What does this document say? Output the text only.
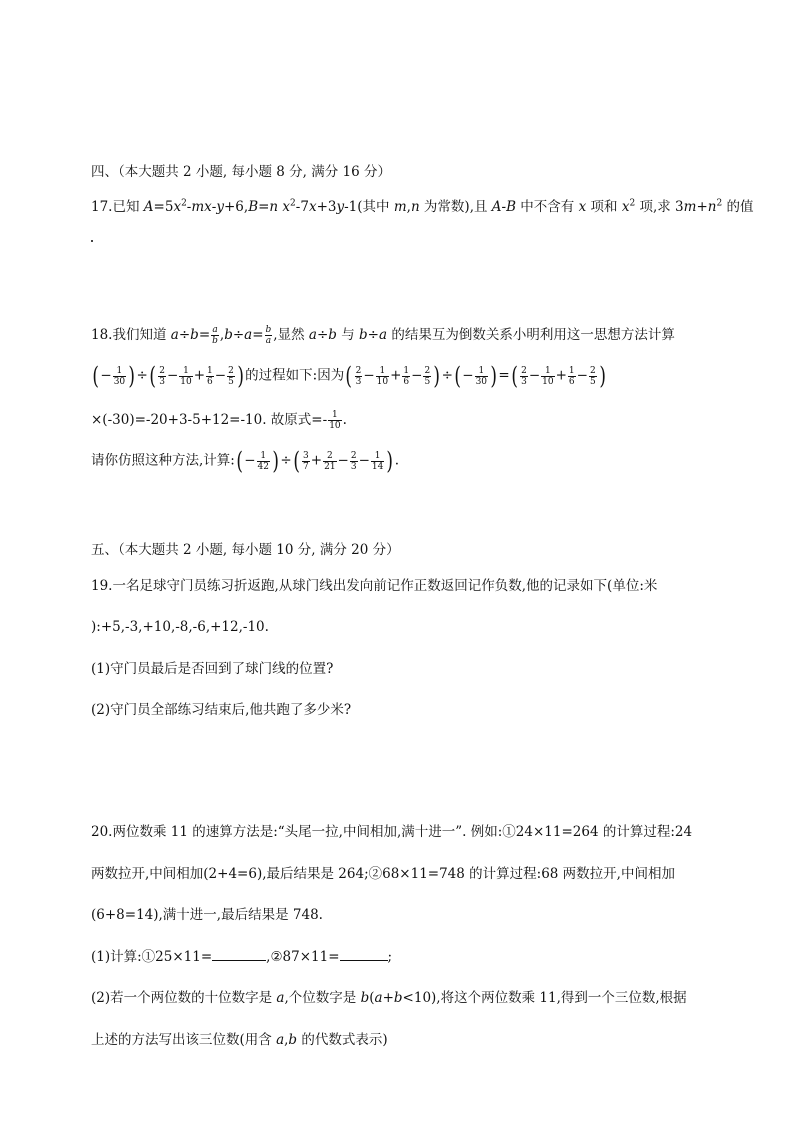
四、（本大题共 2 小题, 每小题 8 分, 满分 16 分）
17.已知 $A=5x^2-mx-y+6,B=n$ $x^2-7x+3y-1$(其中 m,n 为常数),且 A-B 中不含有 x 项和 $x^2$ 项,求 $3m+n^2$ 的值
18.我们知道 $a\div b= \frac{a}{b} ,b\div a= \frac{b}{a}$ ,显然 a÷b 与 b÷a 的结果互为倒数关系小明利用这一思想方法计算
(− $\frac{1}{30}$ )÷( $\frac{2}{3} - \frac{1}{10} + \frac{1}{6} - \frac{2}{5}$ )的过程如下:因为( $\frac{2}{3} - \frac{1}{10} + \frac{1}{6} - \frac{2}{5}$ )÷(− $\frac{1}{30}$ )=( $\frac{2}{3} - \frac{1}{10} + \frac{1}{6} - \frac{2}{5}$ )
×(-30)=-20+3-5+12=-10. 故原式=- $\frac{1}{10}$ .
请你仿照这种方法,计算:(− $\frac{1}{42}$ )÷( $\frac{3}{7} + \frac{2}{21} - \frac{2}{3} - \frac{1}{14}$ ).
五、（本大题共 2 小题, 每小题 10 分, 满分 20 分）
19.一名足球守门员练习折返跑,从球门线出发向前记作正数返回记作负数,他的记录如下(单位:米
):+5,-3,+10,-8,-6,+12,-10.
(1)守门员最后是否回到了球门线的位置?
(2)守门员全部练习结束后,他共跑了多少米?
20.两位数乘 11 的速算方法是:“头尾一拉,中间相加,满十进一”. 例如:①24×11=264 的计算过程:24
两数拉开,中间相加(2+4=6),最后结果是 264;②68×11=748 的计算过程:68 两数拉开,中间相加
(6+8=14),满十进一,最后结果是 748.
(1)计算:①25×11=	,②87×11=	;
(2)若一个两位数的十位数字是 a,个位数字是 b(a+b<10),将这个两位数乘 11,得到一个三位数,根据
上述的方法写出该三位数(用含 a,b 的代数式表示)
